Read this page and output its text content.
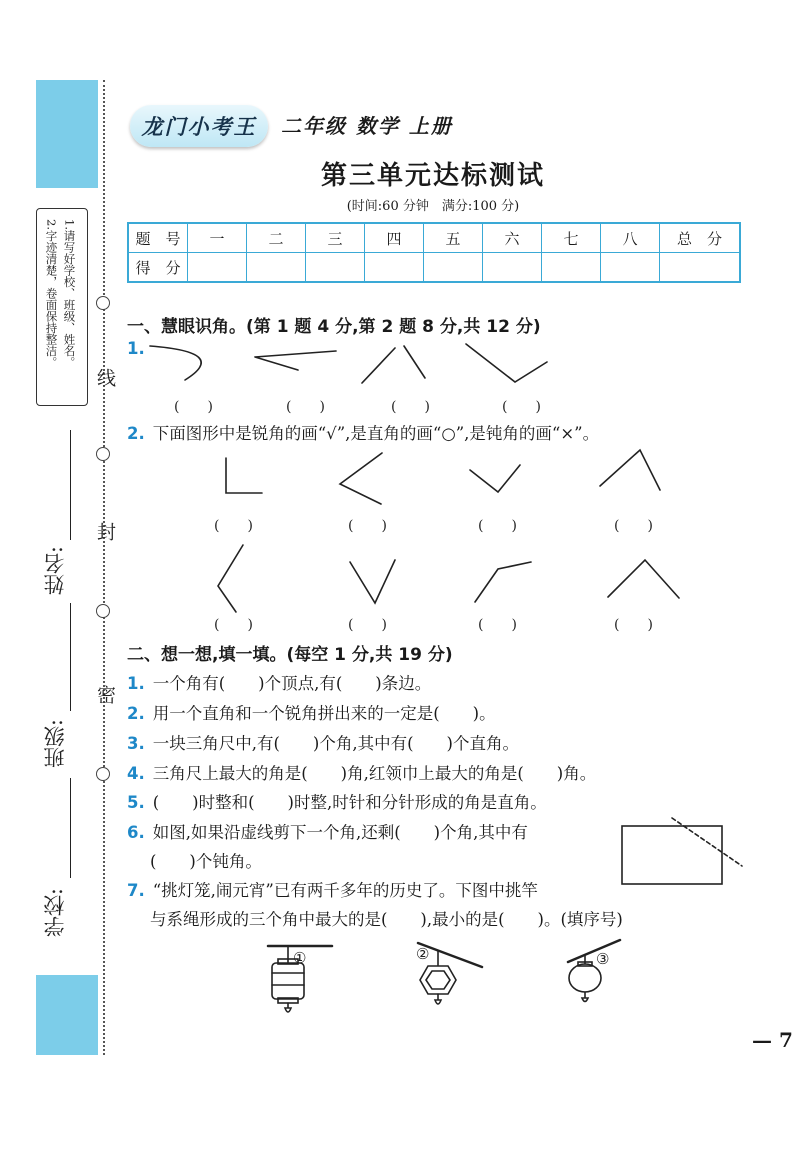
线
封
密
1.请写好学校、班级、姓名。
2.字迹清楚，卷面保持整洁。
姓名:
班级:
学校:
龙门小考王	二年级 数学 上册
第三单元达标测试
(时间:60 分钟　满分:100 分)
题　号	一	二	三	四	五	六	七	八	总　分
得　分									
一、慧眼识角。(第 1 题 4 分,第 2 题 8 分,共 12 分)
1.
(　　)	(　　)	(　　)	(　　)
2. 下面图形中是锐角的画“√”,是直角的画“○”,是钝角的画“×”。
(　　)	(　　)	(　　)	(　　)
(　　)	(　　)	(　　)	(　　)
二、想一想,填一填。(每空 1 分,共 19 分)
1. 一个角有(　　)个顶点,有(　　)条边。
2. 用一个直角和一个锐角拼出来的一定是(　　)。
3. 一块三角尺中,有(　　)个角,其中有(　　)个直角。
4. 三角尺上最大的角是(　　)角,红领巾上最大的角是(　　)角。
5. (　　)时整和(　　)时整,时针和分针形成的角是直角。
6. 如图,如果沿虚线剪下一个角,还剩(　　)个角,其中有
(　　)个钝角。
7. “挑灯笼,闹元宵”已有两千多年的历史了。下图中挑竿
与系绳形成的三个角中最大的是(　　),最小的是(　　)。(填序号)
①	②	③
— 7
